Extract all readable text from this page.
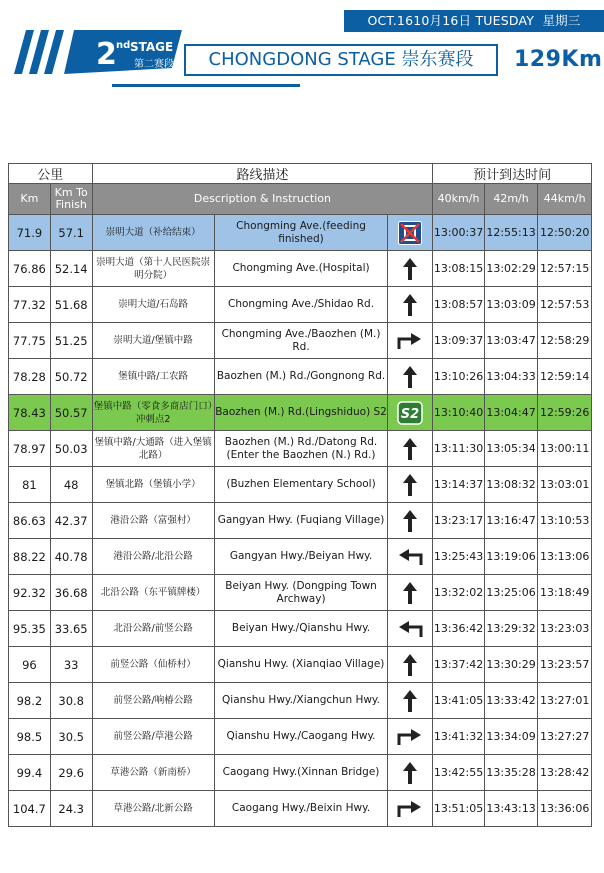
OCT.1610月16日 TUESDAY 星期三
2 nd STAGE
第二赛段	CHONGDONG STAGE 崇东赛段	129Km
公里		路线描述			预计到达时间		
Km	Km To Finish	Description & Instruction			40km/h	42m/h	44km/h
71.9	57.1	崇明大道（补给结束）	Chongming Ave.(feeding finished)		13:00:37	12:55:13	12:50:20
76.86	52.14	崇明大道（第十人民医院崇明分院）	Chongming Ave.(Hospital)		13:08:15	13:02:29	12:57:15
77.32	51.68	崇明大道/石岛路	Chongming Ave./Shidao Rd.		13:08:57	13:03:09	12:57:53
77.75	51.25	崇明大道/堡镇中路	Chongming Ave./Baozhen (M.) Rd.		13:09:37	13:03:47	12:58:29
78.28	50.72	堡镇中路/工农路	Baozhen (M.) Rd./Gongnong Rd.		13:10:26	13:04:33	12:59:14
78.43	50.57	堡镇中路（零食多商店门口）冲刺点2	Baozhen (M.) Rd.(Lingshiduo) S2	S2	13:10:40	13:04:47	12:59:26
78.97	50.03	堡镇中路/大通路（进入堡镇北路）	Baozhen (M.) Rd./Datong Rd.(Enter the Baozhen (N.) Rd.)		13:11:30	13:05:34	13:00:11
81	48	堡镇北路（堡镇小学）	(Buzhen Elementary School)		13:14:37	13:08:32	13:03:01
86.63	42.37	港沿公路（富强村）	Gangyan Hwy. (Fuqiang Village)		13:23:17	13:16:47	13:10:53
88.22	40.78	港沿公路/北沿公路	Gangyan Hwy./Beiyan Hwy.		13:25:43	13:19:06	13:13:06
92.32	36.68	北沿公路（东平镇牌楼）	Beiyan Hwy. (Dongping Town Archway)		13:32:02	13:25:06	13:18:49
95.35	33.65	北沿公路/前竖公路	Beiyan Hwy./Qianshu Hwy.		13:36:42	13:29:32	13:23:03
96	33	前竖公路（仙桥村）	Qianshu Hwy. (Xianqiao Village)		13:37:42	13:30:29	13:23:57
98.2	30.8	前竖公路/响椿公路	Qianshu Hwy./Xiangchun Hwy.		13:41:05	13:33:42	13:27:01
98.5	30.5	前竖公路/草港公路	Qianshu Hwy./Caogang Hwy.		13:41:32	13:34:09	13:27:27
99.4	29.6	草港公路（新南桥）	Caogang Hwy.(Xinnan Bridge)		13:42:55	13:35:28	13:28:42
104.7	24.3	草港公路/北新公路	Caogang Hwy./Beixin Hwy.		13:51:05	13:43:13	13:36:06
